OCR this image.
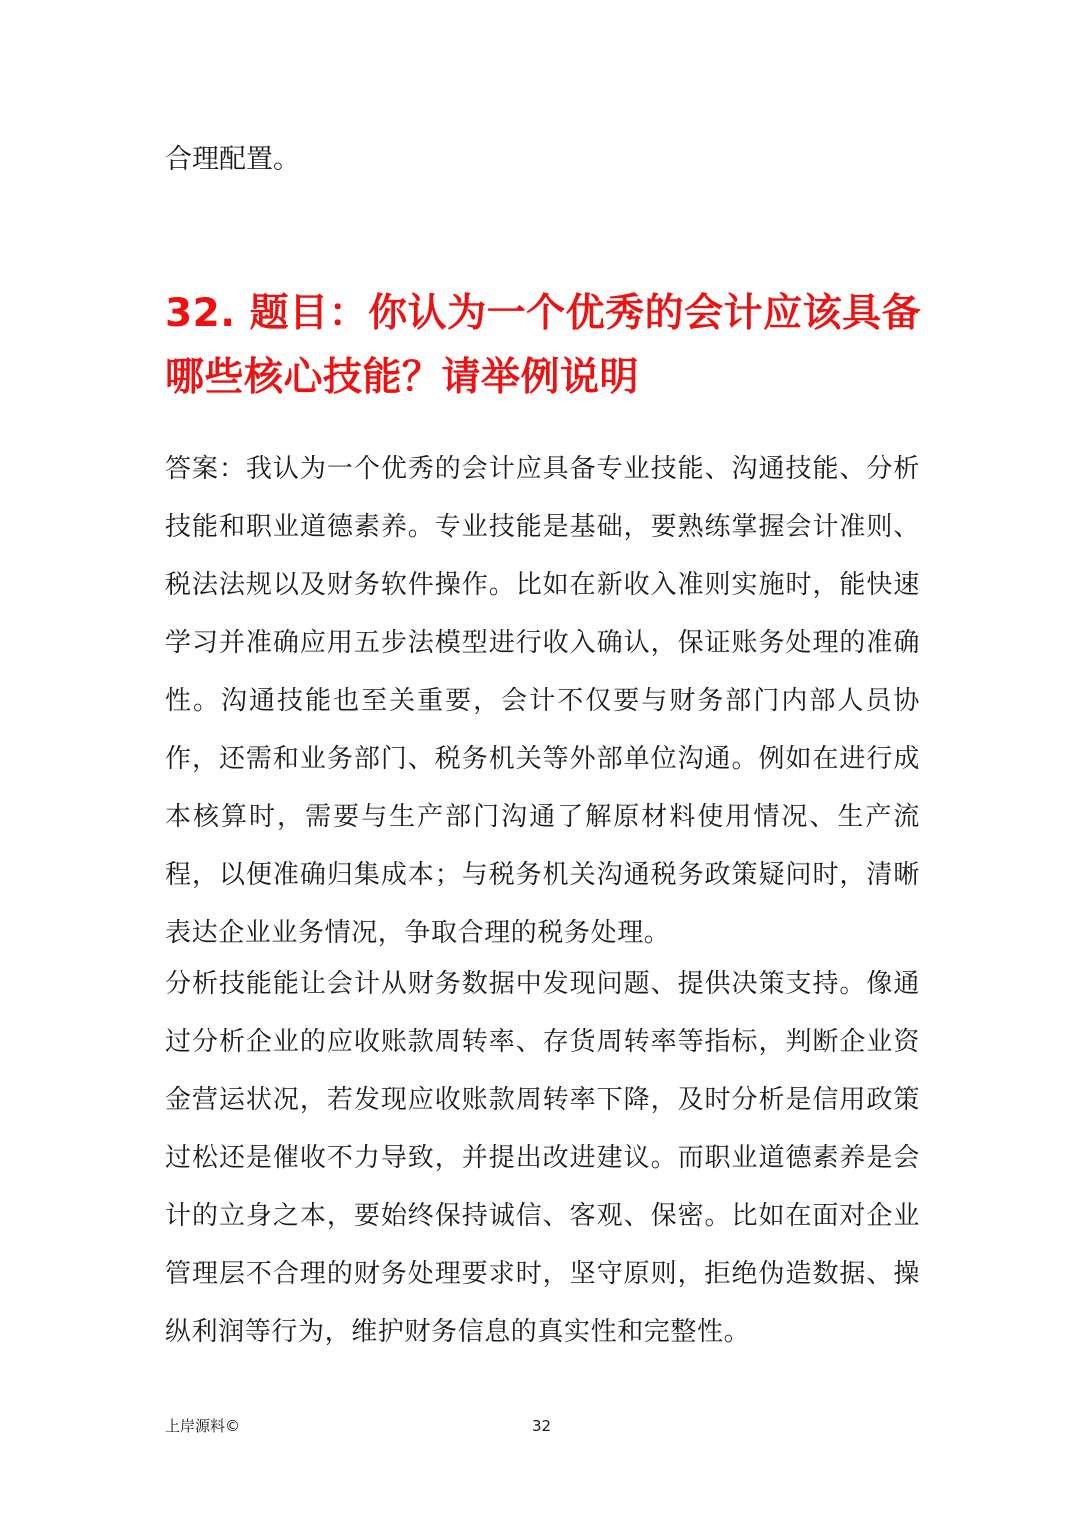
合理配置。

32. 题目：你认为一个优秀的会计应该具备哪些核心技能？请举例说明

答案：我认为一个优秀的会计应具备专业技能、沟通技能、分析技能和职业道德素养。专业技能是基础，要熟练掌握会计准则、税法法规以及财务软件操作。比如在新收入准则实施时，能快速学习并准确应用五步法模型进行收入确认，保证账务处理的准确性。沟通技能也至关重要，会计不仅要与财务部门内部人员协作，还需和业务部门、税务机关等外部单位沟通。例如在进行成本核算时，需要与生产部门沟通了解原材料使用情况、生产流程，以便准确归集成本；与税务机关沟通税务政策疑问时，清晰表达企业业务情况，争取合理的税务处理。

分析技能能让会计从财务数据中发现问题、提供决策支持。像通过分析企业的应收账款周转率、存货周转率等指标，判断企业资金营运状况，若发现应收账款周转率下降，及时分析是信用政策过松还是催收不力导致，并提出改进建议。而职业道德素养是会计的立身之本，要始终保持诚信、客观、保密。比如在面对企业管理层不合理的财务处理要求时，坚守原则，拒绝伪造数据、操纵利润等行为，维护财务信息的真实性和完整性。

上岸源料©	32
